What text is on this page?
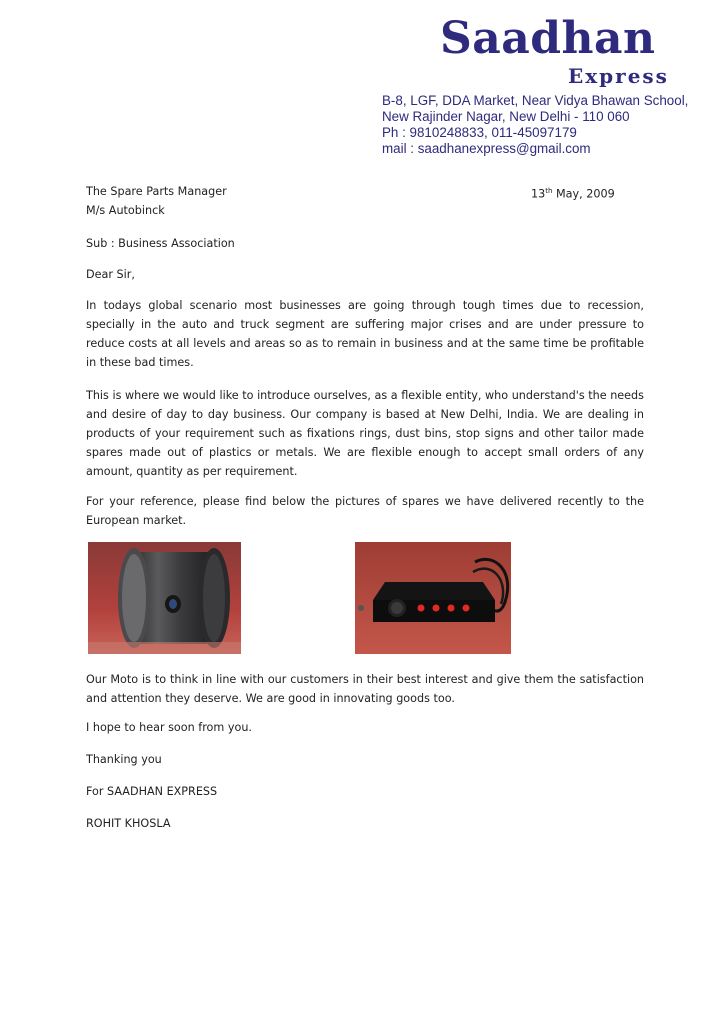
Saadhan
Express
B-8, LGF, DDA Market, Near Vidya Bhawan School,
New Rajinder Nagar, New Delhi - 110 060
Ph : 9810248833, 011-45097179
mail : saadhanexpress@gmail.com
The Spare Parts Manager
M/s Autobinck
13th May, 2009
Sub : Business Association
Dear Sir,
In todays global scenario most businesses are going through tough times due to recession, specially in the auto and truck segment are suffering major crises and are under pressure to reduce costs at all levels and areas so as to remain in business and at the same time be profitable in these bad times.
This is where we would like to introduce ourselves, as a flexible entity, who understand's the needs and desire of day to day business. Our company is based at New Delhi, India. We are dealing in products of your requirement such as fixations rings, dust bins, stop signs and other tailor made spares made out of plastics or metals. We are flexible enough to accept small orders of any amount, quantity as per requirement.
For your reference, please find below the pictures of spares we have delivered recently to the European market.
Our Moto is to think in line with our customers in their best interest and give them the satisfaction and attention they deserve. We are good in innovating goods too.
I hope to hear soon from you.
Thanking you
For SAADHAN EXPRESS
ROHIT KHOSLA
